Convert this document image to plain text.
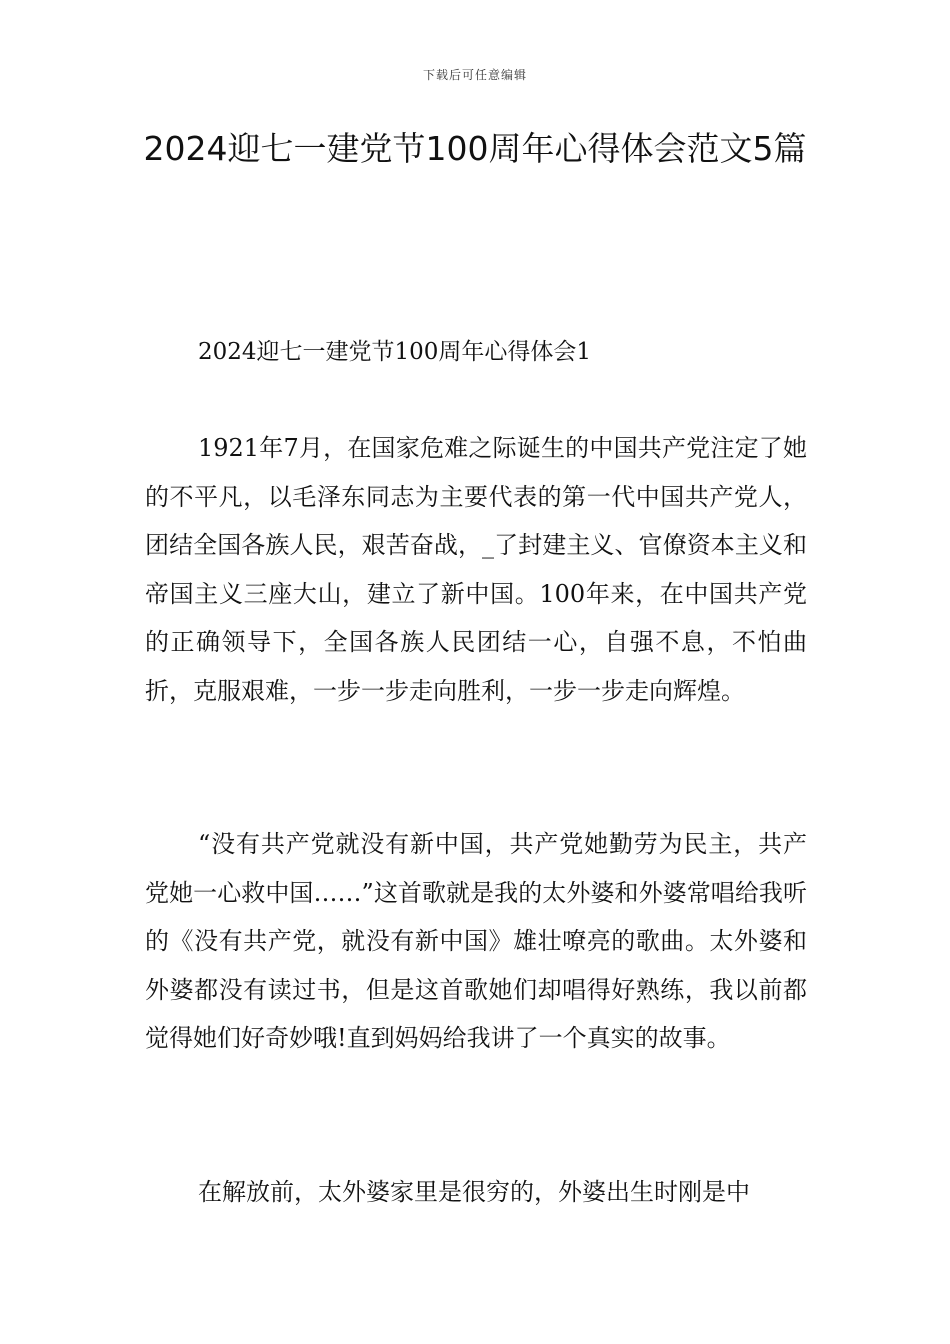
下载后可任意编辑
2024迎七一建党节100周年心得体会范文5篇
2024迎七一建党节100周年心得体会1

1921年7月，在国家危难之际诞生的中国共产党注定了她的不平凡，以毛泽东同志为主要代表的第一代中国共产党人，团结全国各族人民，艰苦奋战，_了封建主义、官僚资本主义和帝国主义三座大山，建立了新中国。100年来，在中国共产党的正确领导下，全国各族人民团结一心，自强不息，不怕曲折，克服艰难，一步一步走向胜利，一步一步走向辉煌。

“没有共产党就没有新中国，共产党她勤劳为民主，共产党她一心救中国……”这首歌就是我的太外婆和外婆常唱给我听的《没有共产党，就没有新中国》雄壮嘹亮的歌曲。太外婆和外婆都没有读过书，但是这首歌她们却唱得好熟练，我以前都觉得她们好奇妙哦!直到妈妈给我讲了一个真实的故事。

在解放前，太外婆家里是很穷的，外婆出生时刚是中
